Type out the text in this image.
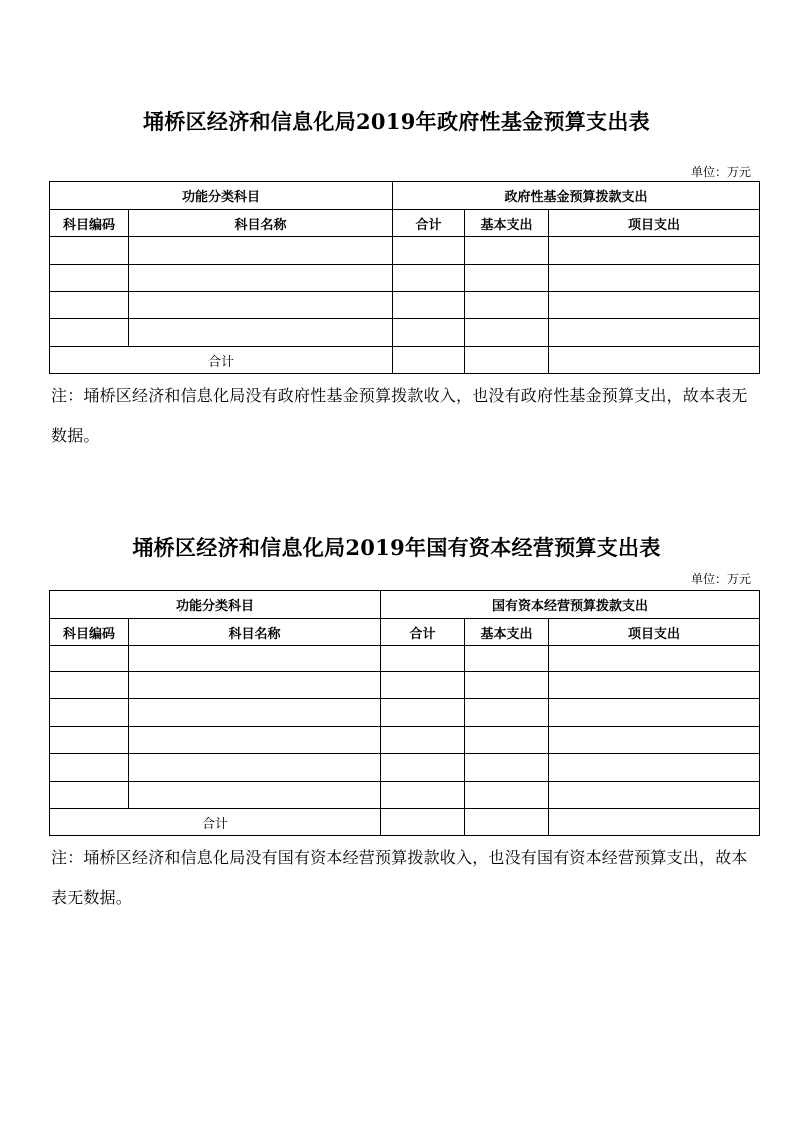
埇桥区经济和信息化局2019年政府性基金预算支出表
单位：万元
功能分类科目		政府性基金预算拨款支出		
科目编码	科目名称	合计	基本支出	项目支出

合计				
注：埇桥区经济和信息化局没有政府性基金预算拨款收入，也没有政府性基金预算支出，故本表无数据。
埇桥区经济和信息化局2019年国有资本经营预算支出表
单位：万元
功能分类科目		国有资本经营预算拨款支出		
科目编码	科目名称	合计	基本支出	项目支出

合计				
注：埇桥区经济和信息化局没有国有资本经营预算拨款收入，也没有国有资本经营预算支出，故本表无数据。
